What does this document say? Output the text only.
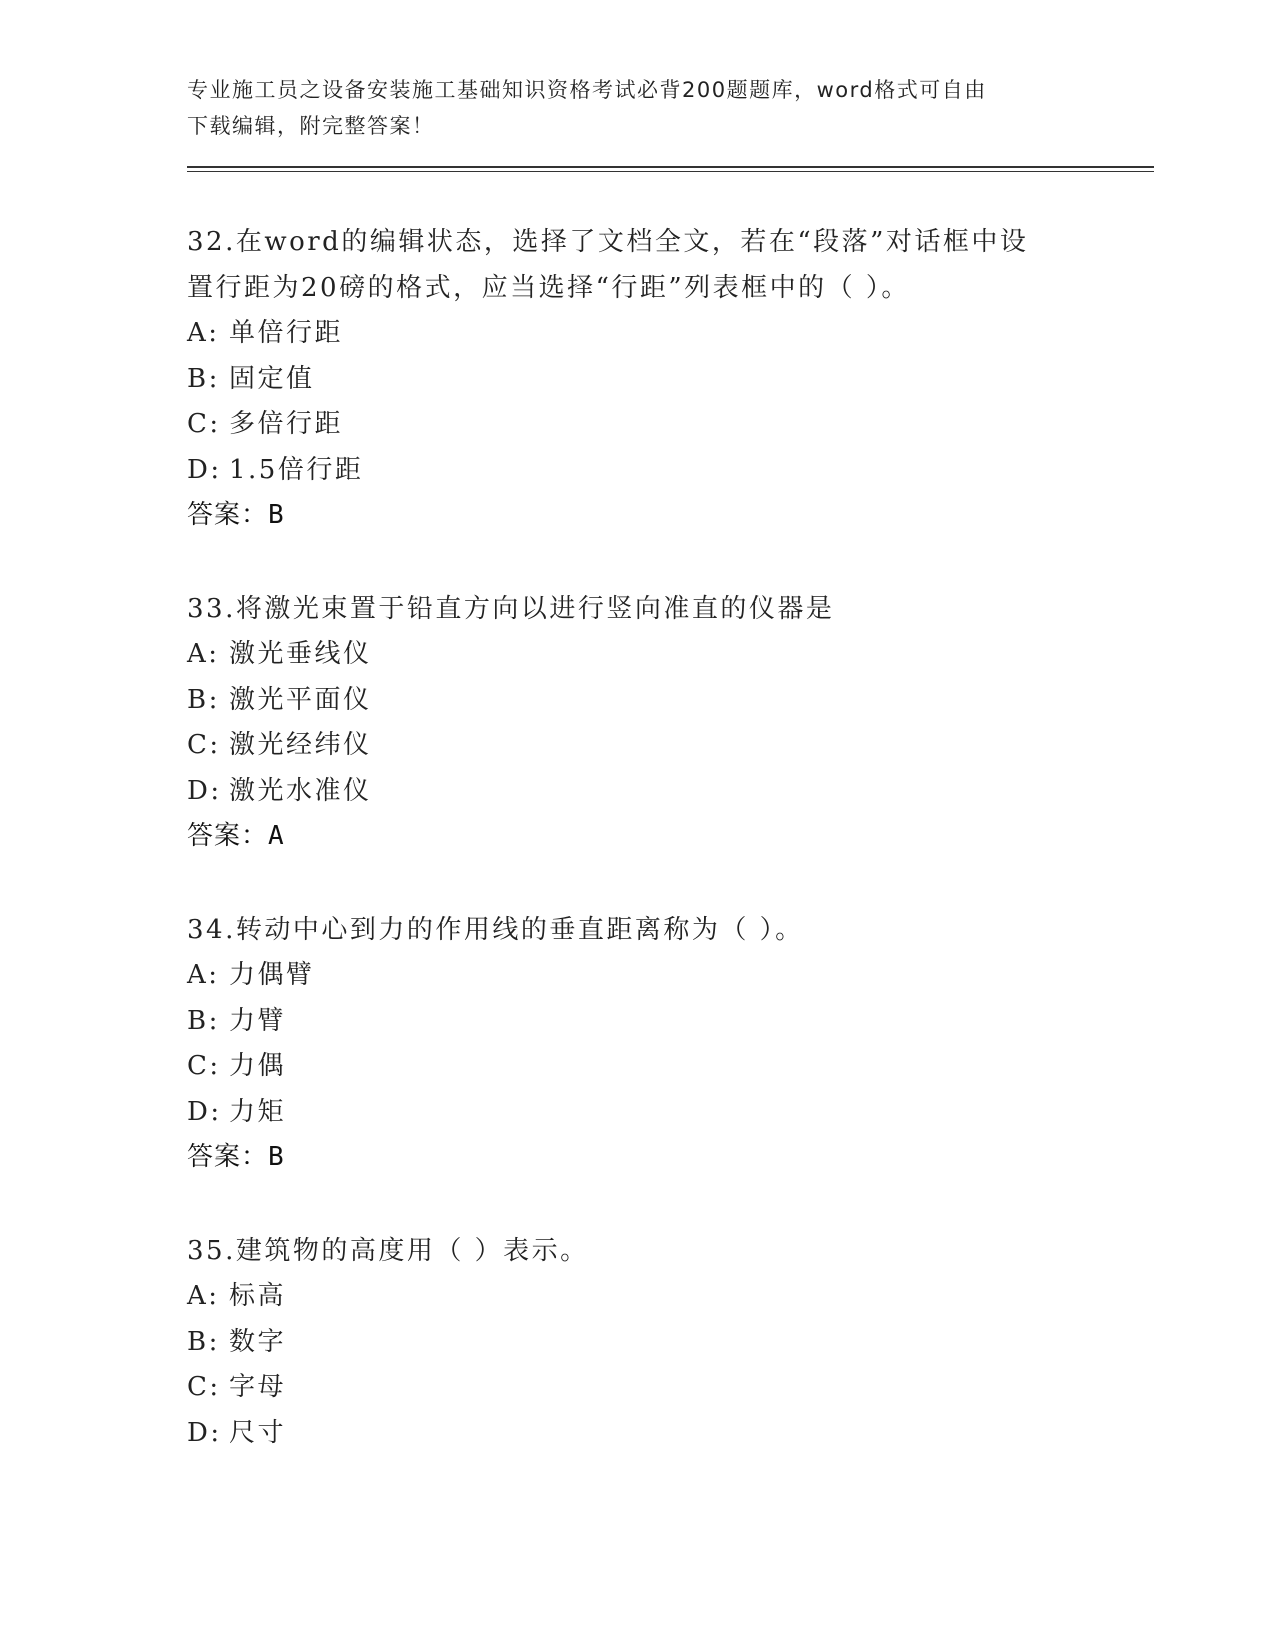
专业施工员之设备安装施工基础知识资格考试必背200题题库，word格式可自由
下载编辑，附完整答案！
32.在word的编辑状态，选择了文档全文，若在“段落”对话框中设
置行距为20磅的格式，应当选择“行距”列表框中的（ ）。
A: 单倍行距
B: 固定值
C: 多倍行距
D: 1.5倍行距
答案：B
33.将激光束置于铅直方向以进行竖向准直的仪器是
A: 激光垂线仪
B: 激光平面仪
C: 激光经纬仪
D: 激光水准仪
答案：A
34.转动中心到力的作用线的垂直距离称为（ ）。
A: 力偶臂
B: 力臂
C: 力偶
D: 力矩
答案：B
35.建筑物的高度用（ ）表示。
A: 标高
B: 数字
C: 字母
D: 尺寸
